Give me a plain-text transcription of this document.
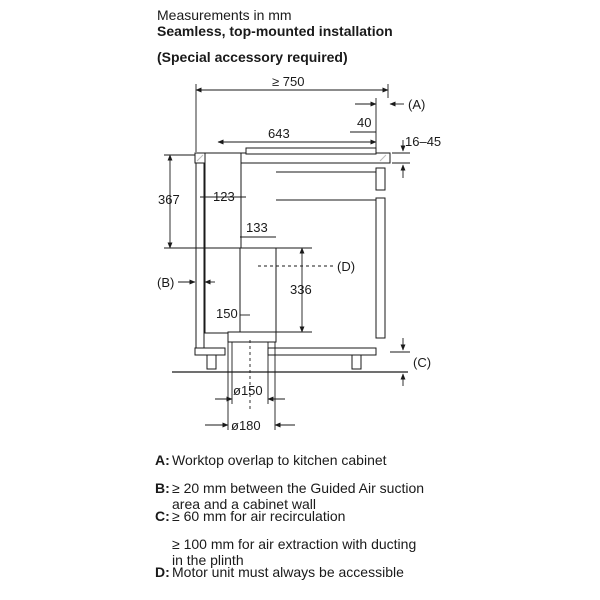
Measurements in mm

Seamless, top-mounted installation

(Special accessory required)

≥ 750
643
40
16–45
367	123
133
336
150
ø150
ø180
(A)
(B)
(C)
(D)
A: Worktop overlap to kitchen cabinet
B: ≥ 20 mm between the Guided Air suction
area and a cabinet wall
C: ≥ 60 mm for air recirculation
≥ 100 mm for air extraction with ducting
in the plinth
D: Motor unit must always be accessible
